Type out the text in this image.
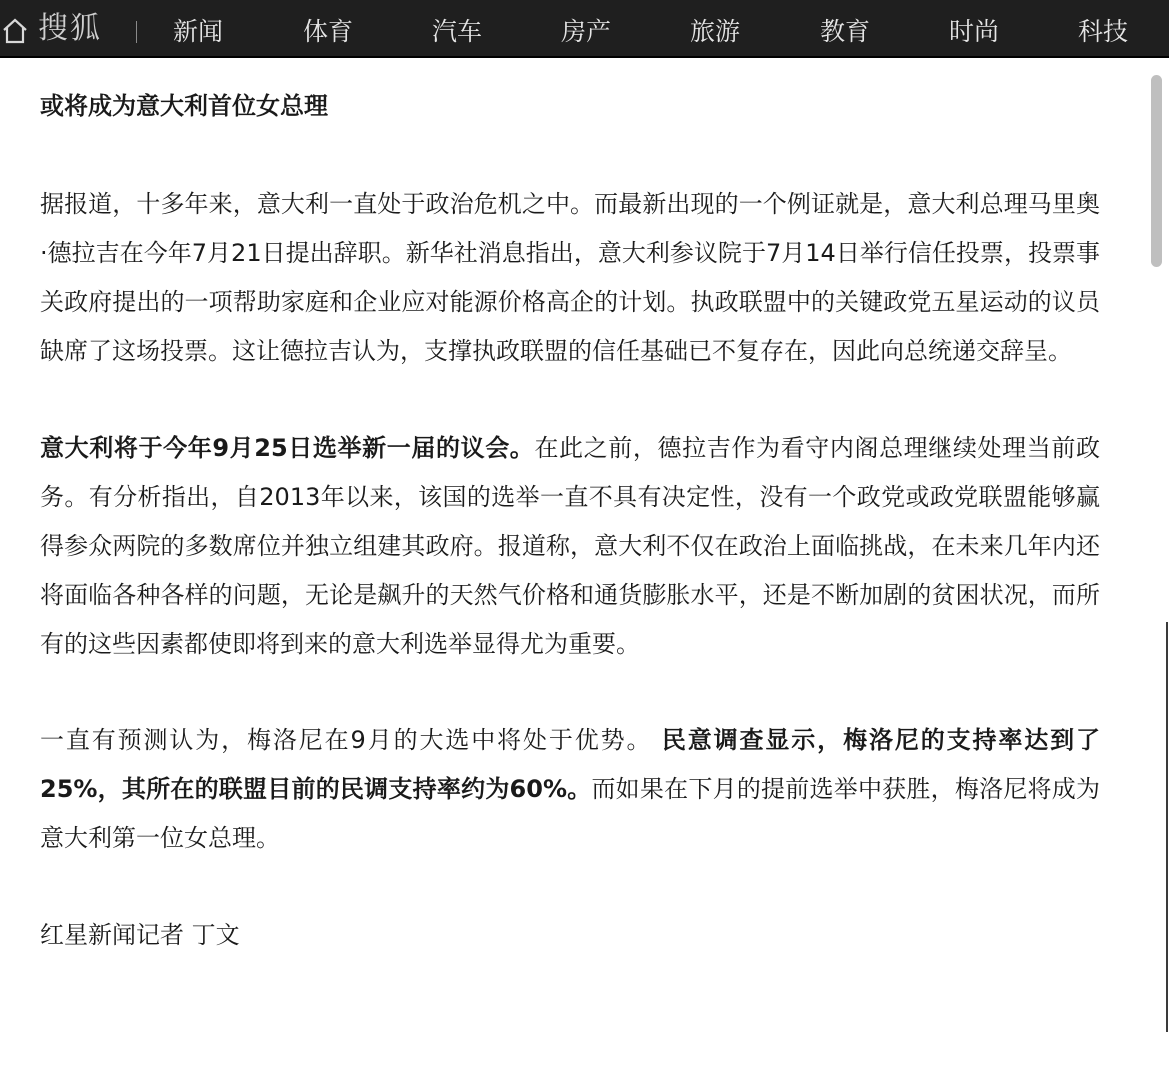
搜狐	新闻	体育	汽车	房产	旅游	教育	时尚	科技

或将成为意大利首位女总理

据报道，十多年来，意大利一直处于政治危机之中。而最新出现的一个例证就是，意大利总理马里奥·德拉吉在今年7月21日提出辞职。新华社消息指出，意大利参议院于7月14日举行信任投票，投票事关政府提出的一项帮助家庭和企业应对能源价格高企的计划。执政联盟中的关键政党五星运动的议员缺席了这场投票。这让德拉吉认为，支撑执政联盟的信任基础已不复存在，因此向总统递交辞呈。

意大利将于今年9月25日选举新一届的议会。在此之前，德拉吉作为看守内阁总理继续处理当前政务。有分析指出，自2013年以来，该国的选举一直不具有决定性，没有一个政党或政党联盟能够赢得参众两院的多数席位并独立组建其政府。报道称，意大利不仅在政治上面临挑战，在未来几年内还将面临各种各样的问题，无论是飙升的天然气价格和通货膨胀水平，还是不断加剧的贫困状况，而所有的这些因素都使即将到来的意大利选举显得尤为重要。

一直有预测认为，梅洛尼在9月的大选中将处于优势。 民意调查显示，梅洛尼的支持率达到了25%，其所在的联盟目前的民调支持率约为60%。而如果在下月的提前选举中获胜，梅洛尼将成为意大利第一位女总理。

红星新闻记者 丁文
